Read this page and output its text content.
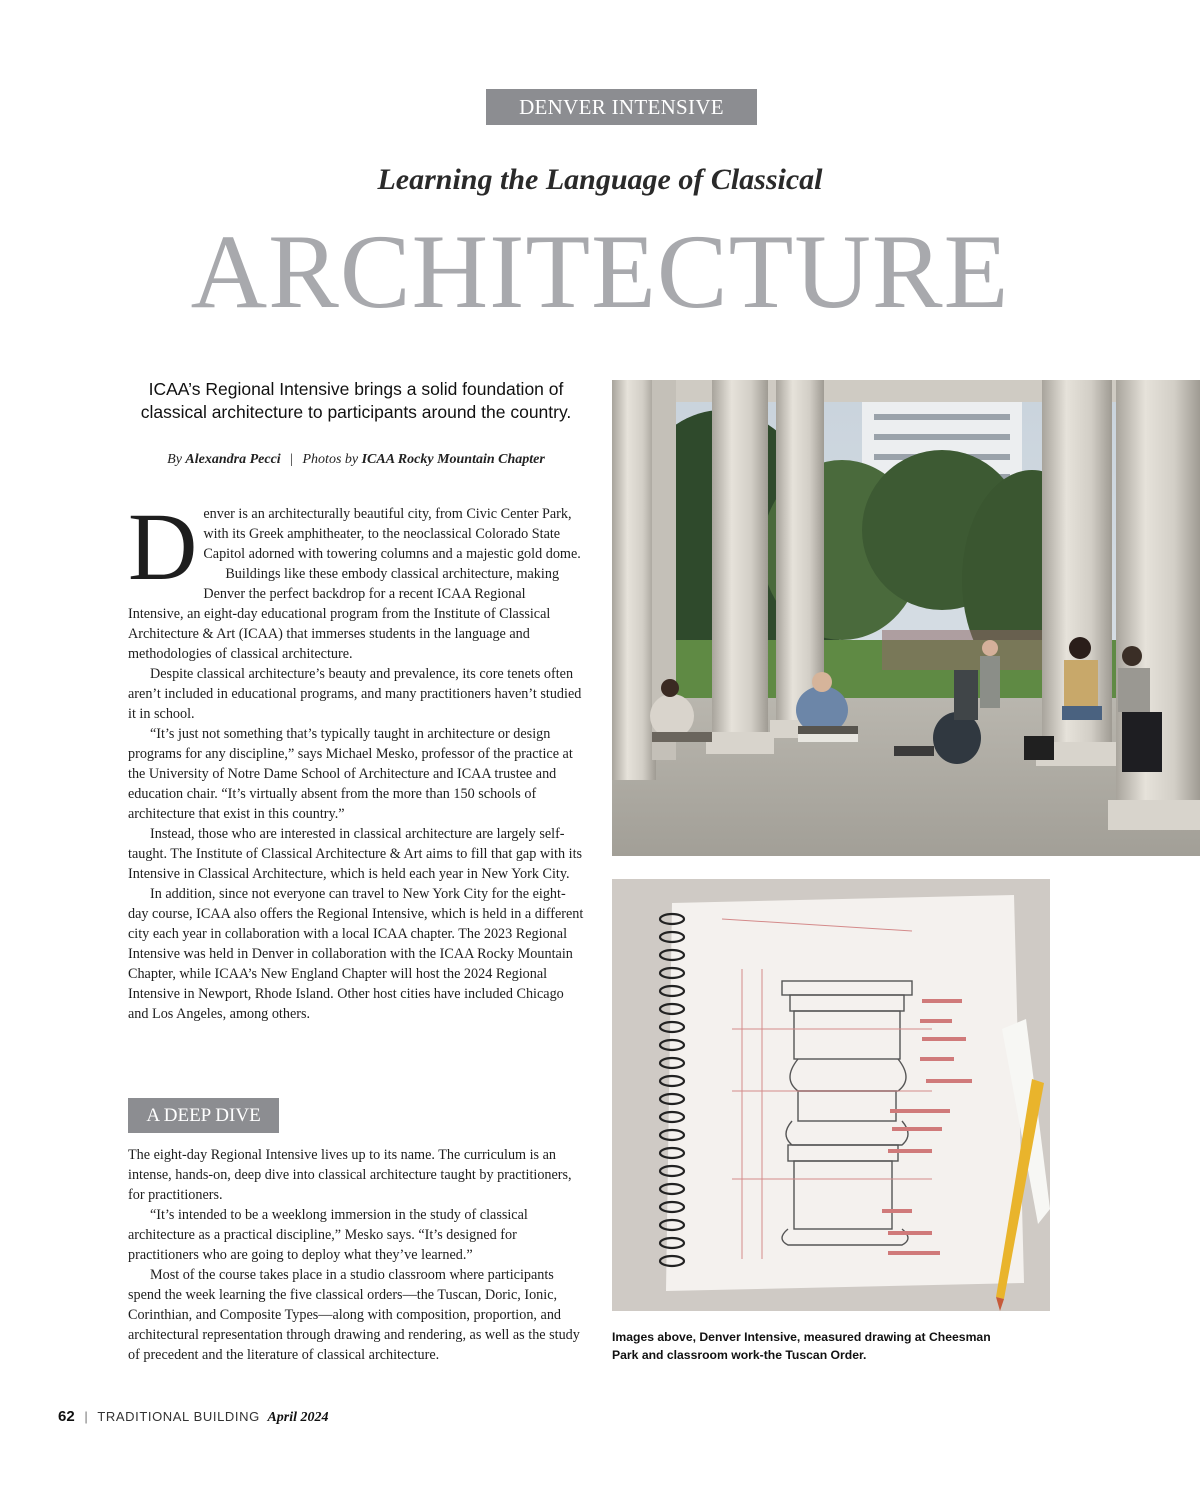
DENVER INTENSIVE
Learning the Language of Classical
ARCHITECTURE
ICAA’s Regional Intensive brings a solid foundation of classical architecture to participants around the country.
By Alexandra Pecci | Photos by ICAA Rocky Mountain Chapter

Denver is an architecturally beautiful city, from Civic Center Park, with its Greek amphitheater, to the neoclassical Colorado State Capitol adorned with towering columns and a majestic gold dome.

Buildings like these embody classical architecture, making Denver the perfect backdrop for a recent ICAA Regional Intensive, an eight-day educational program from the Institute of Classical Architecture & Art (ICAA) that immerses students in the language and methodologies of classical architecture.

Despite classical architecture’s beauty and prevalence, its core tenets often aren’t included in educational programs, and many practitioners haven’t studied it in school.

“It’s just not something that’s typically taught in architecture or design programs for any discipline,” says Michael Mesko, professor of the practice at the University of Notre Dame School of Architecture and ICAA trustee and education chair. “It’s virtually absent from the more than 150 schools of architecture that exist in this country.”

Instead, those who are interested in classical architecture are largely self-taught. The Institute of Classical Architecture & Art aims to fill that gap with its Intensive in Classical Architecture, which is held each year in New York City.

In addition, since not everyone can travel to New York City for the eight-day course, ICAA also offers the Regional Intensive, which is held in a different city each year in collaboration with a local ICAA chapter. The 2023 Regional Intensive was held in Denver in collaboration with the ICAA Rocky Mountain Chapter, while ICAA’s New England Chapter will host the 2024 Regional Intensive in Newport, Rhode Island. Other host cities have included Chicago and Los Angeles, among others.

A DEEP DIVE

The eight-day Regional Intensive lives up to its name. The curriculum is an intense, hands-on, deep dive into classical architecture taught by practitioners, for practitioners.

“It’s intended to be a weeklong immersion in the study of classical architecture as a practical discipline,” Mesko says. “It’s designed for practitioners who are going to deploy what they’ve learned.”

Most of the course takes place in a studio classroom where participants spend the week learning the five classical orders—the Tuscan, Doric, Ionic, Corinthian, and Composite Types—along with composition, proportion, and architectural representation through drawing and rendering, as well as the study of precedent and the literature of classical architecture.

Images above, Denver Intensive, measured drawing at Cheesman Park and classroom work-the Tuscan Order.
62 | TRADITIONAL BUILDING April 2024
